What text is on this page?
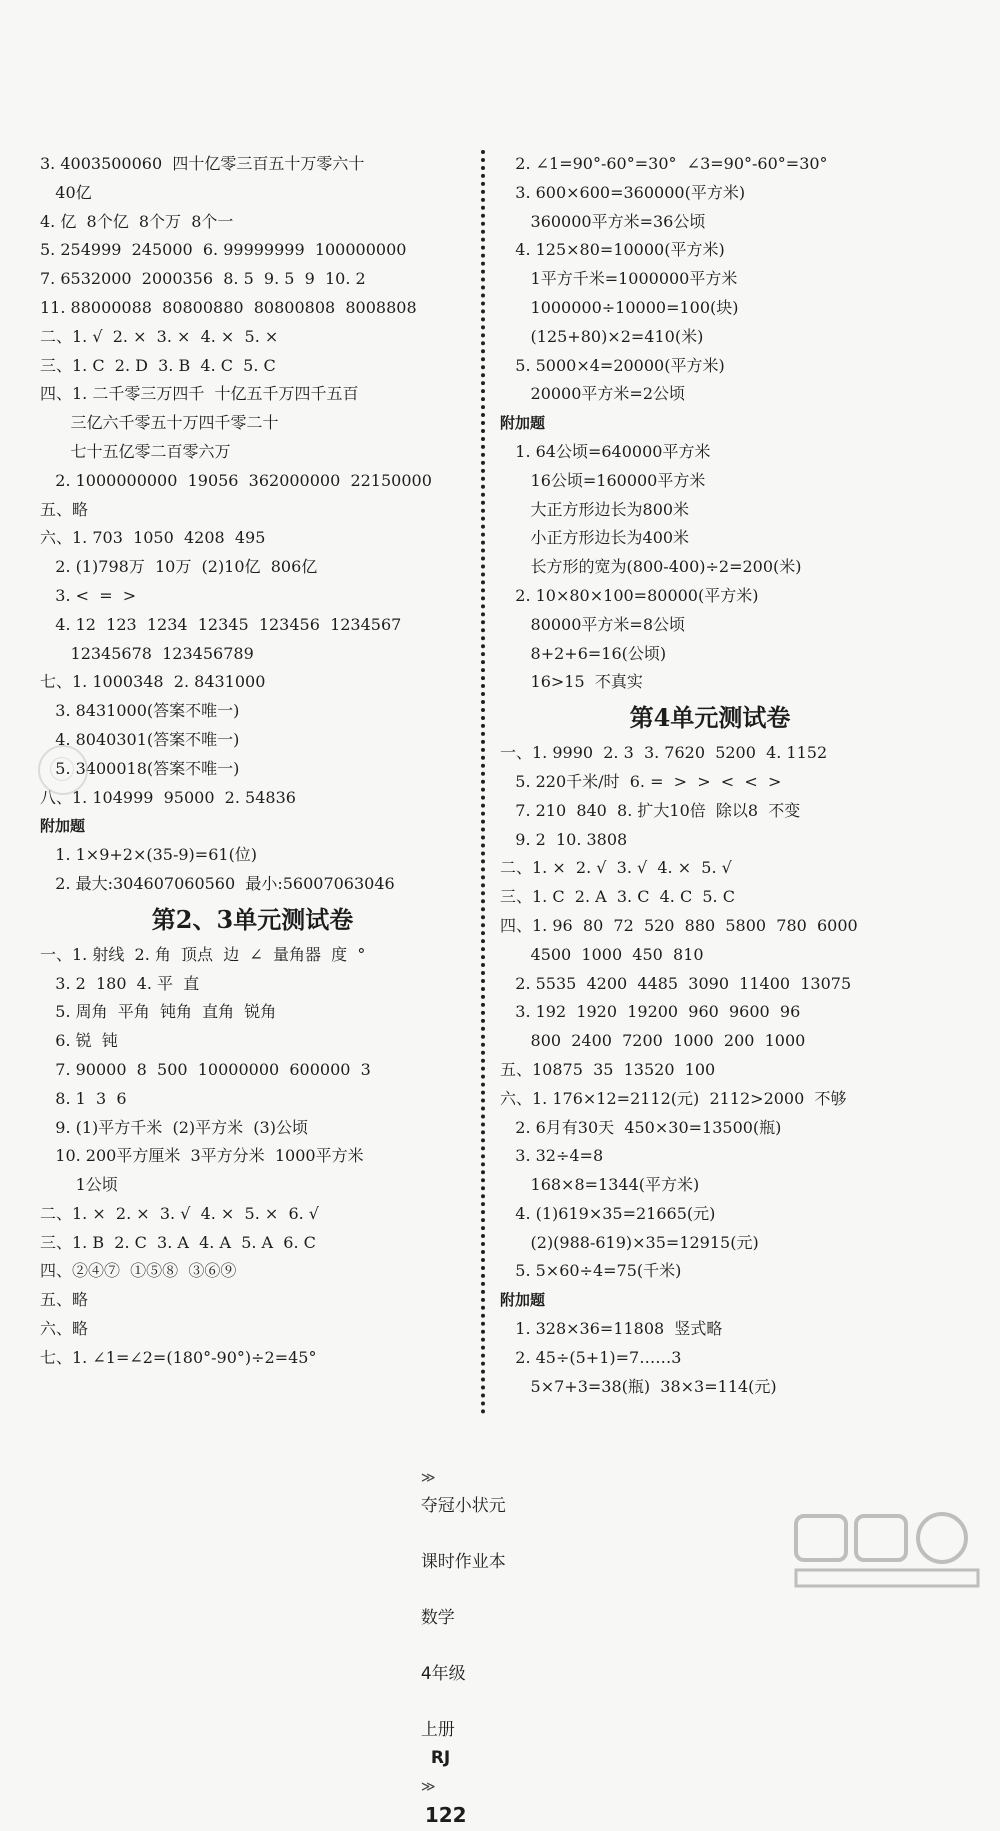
3. 4003500060  四十亿零三百五十万零六十
40亿
4. 亿  8个亿  8个万  8个一
5. 254999  245000  6. 99999999  100000000
7. 6532000  2000356  8. 5  9. 5  9  10. 2
11. 88000088  80800880  80800808  8008808
二、1. √  2. ×  3. ×  4. ×  5. ×
三、1. C  2. D  3. B  4. C  5. C
四、1. 二千零三万四千  十亿五千万四千五百
三亿六千零五十万四千零二十
七十五亿零二百零六万
2. 1000000000  19056  362000000  22150000
五、略
六、1. 703  1050  4208  495
2. (1)798万  10万  (2)10亿  806亿
3. <  =  >
4. 12  123  1234  12345  123456  1234567
12345678  123456789
七、1. 1000348  2. 8431000
3. 8431000(答案不唯一)
4. 8040301(答案不唯一)
5. 3400018(答案不唯一)
八、1. 104999  95000  2. 54836
附加题
1. 1×9+2×(35-9)=61(位)
2. 最大:304607060560  最小:56007063046
第2、3单元测试卷
一、1. 射线  2. 角  顶点  边  ∠  量角器  度  °
3. 2  180  4. 平  直
5. 周角  平角  钝角  直角  锐角
6. 锐  钝
7. 90000  8  500  10000000  600000  3
8. 1  3  6
9. (1)平方千米  (2)平方米  (3)公顷
10. 200平方厘米  3平方分米  1000平方米
1公顷
二、1. ×  2. ×  3. √  4. ×  5. ×  6. √
三、1. B  2. C  3. A  4. A  5. A  6. C
四、②④⑦  ①⑤⑧  ③⑥⑨
五、略
六、略
七、1. ∠1=∠2=(180°-90°)÷2=45°
2. ∠1=90°-60°=30°  ∠3=90°-60°=30°
3. 600×600=360000(平方米)
360000平方米=36公顷
4. 125×80=10000(平方米)
1平方千米=1000000平方米
1000000÷10000=100(块)
(125+80)×2=410(米)
5. 5000×4=20000(平方米)
20000平方米=2公顷
附加题
1. 64公顷=640000平方米
16公顷=160000平方米
大正方形边长为800米
小正方形边长为400米
长方形的宽为(800-400)÷2=200(米)
2. 10×80×100=80000(平方米)
80000平方米=8公顷
8+2+6=16(公顷)
16>15  不真实
第4单元测试卷
一、1. 9990  2. 3  3. 7620  5200  4. 1152
5. 220千米/时  6. =  >  >  <  <  >
7. 210  840  8. 扩大10倍  除以8  不变
9. 2  10. 3808
二、1. ×  2. √  3. √  4. ×  5. √
三、1. C  2. A  3. C  4. C  5. C
四、1. 96  80  72  520  880  5800  780  6000
4500  1000  450  810
2. 5535  4200  4485  3090  11400  13075
3. 192  1920  19200  960  9600  96
800  2400  7200  1000  200  1000
五、10875  35  13520  100
六、1. 176×12=2112(元)  2112>2000  不够
2. 6月有30天  450×30=13500(瓶)
3. 32÷4=8
168×8=1344(平方米)
4. (1)619×35=21665(元)
(2)(988-619)×35=12915(元)
5. 5×60÷4=75(千米)
附加题
1. 328×36=11808  竖式略
2. 45÷(5+1)=7……3
5×7+3=38(瓶)  38×3=114(元)

≫
夺冠小状元

课时作业本

数学

4年级

上册
RJ
≫
122
